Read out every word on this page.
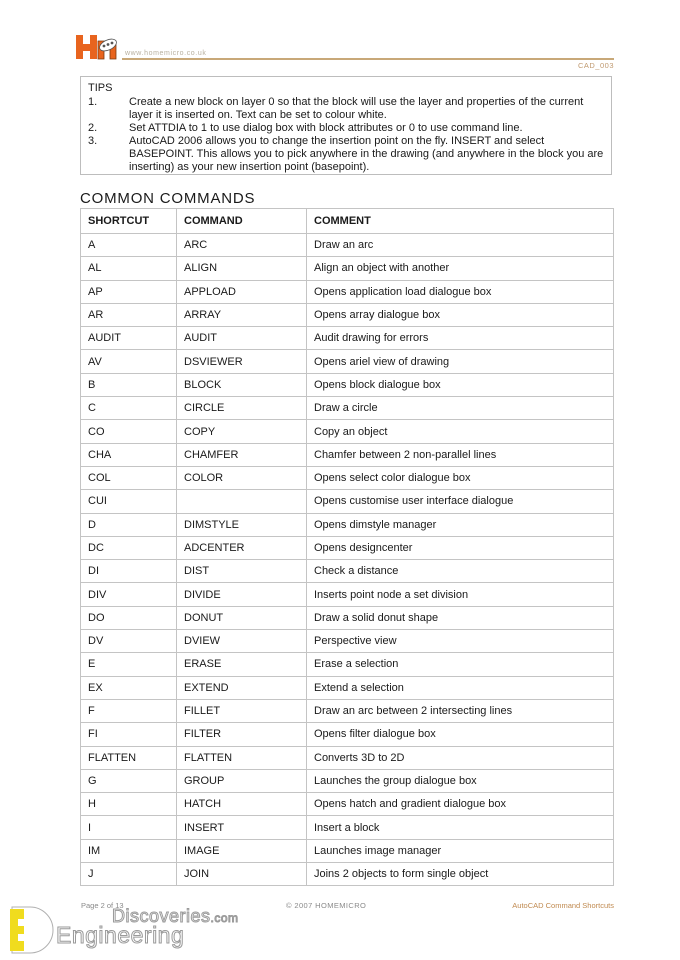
www.homemicro.co.uk
CAD_003
TIPS
1.	Create a new block on layer 0 so that the block will use the layer and properties of the current layer it is inserted on. Text can be set to colour white.
2.	Set ATTDIA to 1 to use dialog box with block attributes or 0 to use command line.
3.	AutoCAD 2006 allows you to change the insertion point on the fly. INSERT and select BASEPOINT. This allows you to pick anywhere in the drawing (and anywhere in the block you are inserting) as your new insertion point (basepoint).
COMMON COMMANDS
SHORTCUT	COMMAND	COMMENT
A	ARC	Draw an arc
AL	ALIGN	Align an object with another
AP	APPLOAD	Opens application load dialogue box
AR	ARRAY	Opens array dialogue box
AUDIT	AUDIT	Audit drawing for errors
AV	DSVIEWER	Opens ariel view of drawing
B	BLOCK	Opens block dialogue box
C	CIRCLE	Draw a circle
CO	COPY	Copy an object
CHA	CHAMFER	Chamfer between 2 non-parallel lines
COL	COLOR	Opens select color dialogue box
CUI		Opens customise user interface dialogue
D	DIMSTYLE	Opens dimstyle manager
DC	ADCENTER	Opens designcenter
DI	DIST	Check a distance
DIV	DIVIDE	Inserts point node a set division
DO	DONUT	Draw a solid donut shape
DV	DVIEW	Perspective view
E	ERASE	Erase a selection
EX	EXTEND	Extend a selection
F	FILLET	Draw an arc between 2 intersecting lines
FI	FILTER	Opens filter dialogue box
FLATTEN	FLATTEN	Converts 3D to 2D
G	GROUP	Launches the group dialogue box
H	HATCH	Opens hatch and gradient dialogue box
I	INSERT	Insert a block
IM	IMAGE	Launches image manager
J	JOIN	Joins 2 objects to form single object
Page 2 of 13	© 2007 HOMEMICRO	AutoCAD Command Shortcuts
Discoveries.com
Engineering
